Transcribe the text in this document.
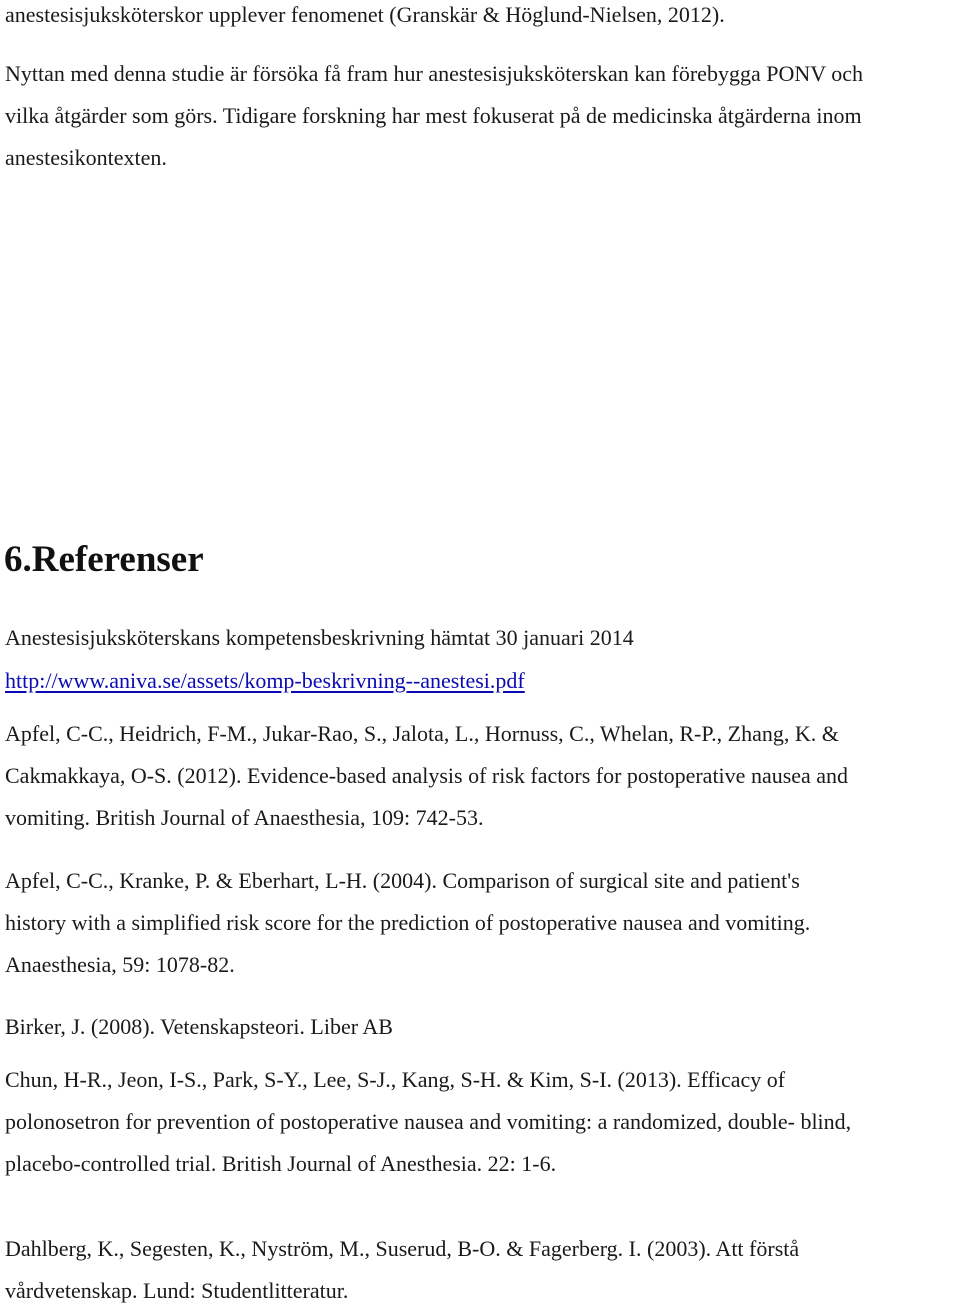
anestesisjuksköterskor upplever fenomenet (Granskär & Höglund-Nielsen, 2012).
Nyttan med denna studie är försöka få fram hur anestesisjuksköterskan kan förebygga PONV och
vilka åtgärder som görs. Tidigare forskning har mest fokuserat på de medicinska åtgärderna inom
anestesikontexten.
6.Referenser
Anestesisjuksköterskans kompetensbeskrivning hämtat 30 januari 2014
http://www.aniva.se/assets/komp-beskrivning--anestesi.pdf
Apfel, C-C., Heidrich, F-M., Jukar-Rao, S., Jalota, L., Hornuss, C., Whelan, R-P., Zhang, K. &
Cakmakkaya, O-S. (2012). Evidence-based analysis of risk factors for postoperative nausea and
vomiting. British Journal of Anaesthesia, 109: 742-53.
Apfel, C-C., Kranke, P. & Eberhart, L-H. (2004). Comparison of surgical site and patient's
history with a simplified risk score for the prediction of postoperative nausea and vomiting.
Anaesthesia, 59: 1078-82.
Birker, J. (2008). Vetenskapsteori. Liber AB
Chun, H-R., Jeon, I-S., Park, S-Y., Lee, S-J., Kang, S-H. & Kim, S-I. (2013). Efficacy of
polonosetron for prevention of postoperative nausea and vomiting: a randomized, double- blind,
placebo-controlled trial. British Journal of Anesthesia. 22: 1-6.
Dahlberg, K., Segesten, K., Nyström, M., Suserud, B-O. & Fagerberg. I. (2003). Att förstå
vårdvetenskap. Lund: Studentlitteratur.
